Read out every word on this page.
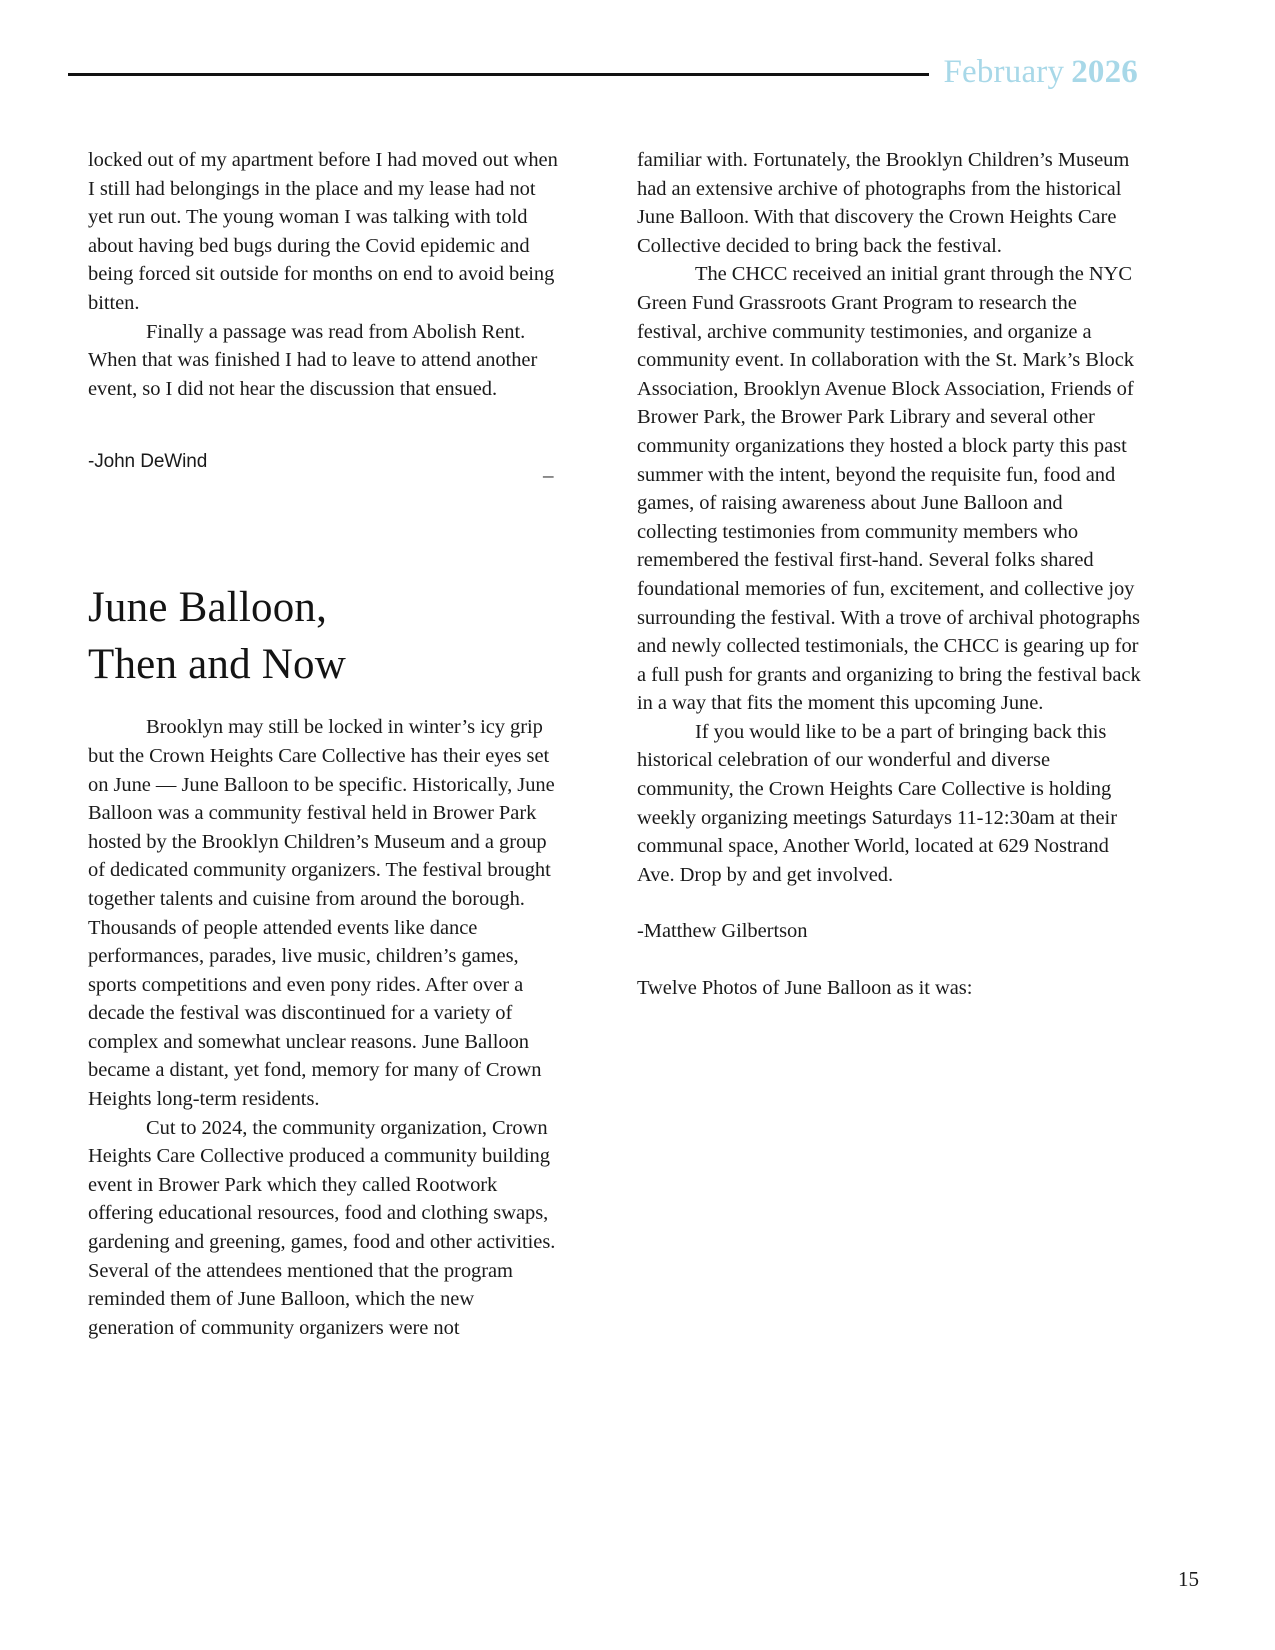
February 2026

locked out of my apartment before I had moved out when I still had belongings in the place and my lease had not yet run out. The young woman I was talking with told about having bed bugs during the Covid epidemic and being forced sit outside for months on end to avoid being bitten.

Finally a passage was read from Abolish Rent. When that was finished I had to leave to attend another event, so I did not hear the discussion that ensued.

-John DeWind

June Balloon,
Then and Now

Brooklyn may still be locked in winter’s icy grip but the Crown Heights Care Collective has their eyes set on June — June Balloon to be specific. Historically, June Balloon was a community festival held in Brower Park hosted by the Brooklyn Children’s Museum and a group of dedicated community organizers. The festival brought together talents and cuisine from around the borough. Thousands of people attended events like dance performances, parades, live music, children’s games, sports competitions and even pony rides. After over a decade the festival was discontinued for a variety of complex and somewhat unclear reasons. June Balloon became a distant, yet fond, memory for many of Crown Heights long-term residents.

Cut to 2024, the community organization, Crown Heights Care Collective produced a community building event in Brower Park which they called Rootwork offering educational resources, food and clothing swaps, gardening and greening, games, food and other activities. Several of the attendees mentioned that the program reminded them of June Balloon, which the new generation of community organizers were not

–

familiar with. Fortunately, the Brooklyn Children’s Museum had an extensive archive of photographs from the historical June Balloon. With that discovery the Crown Heights Care Collective decided to bring back the festival.

The CHCC received an initial grant through the NYC Green Fund Grassroots Grant Program to research the festival, archive community testimonies, and organize a community event. In collaboration with the St. Mark’s Block Association, Brooklyn Avenue Block Association, Friends of Brower Park, the Brower Park Library and several other community organizations they hosted a block party this past summer with the intent, beyond the requisite fun, food and games, of raising awareness about June Balloon and collecting testimonies from community members who remembered the festival first-hand. Several folks shared foundational memories of fun, excitement, and collective joy surrounding the festival. With a trove of archival photographs and newly collected testimonials, the CHCC is gearing up for a full push for grants and organizing to bring the festival back in a way that fits the moment this upcoming June.

If you would like to be a part of bringing back this historical celebration of our wonderful and diverse community, the Crown Heights Care Collective is holding weekly organizing meetings Saturdays 11-12:30am at their communal space, Another World, located at 629 Nostrand Ave. Drop by and get involved.

-Matthew Gilbertson

Twelve Photos of June Balloon as it was:

15
